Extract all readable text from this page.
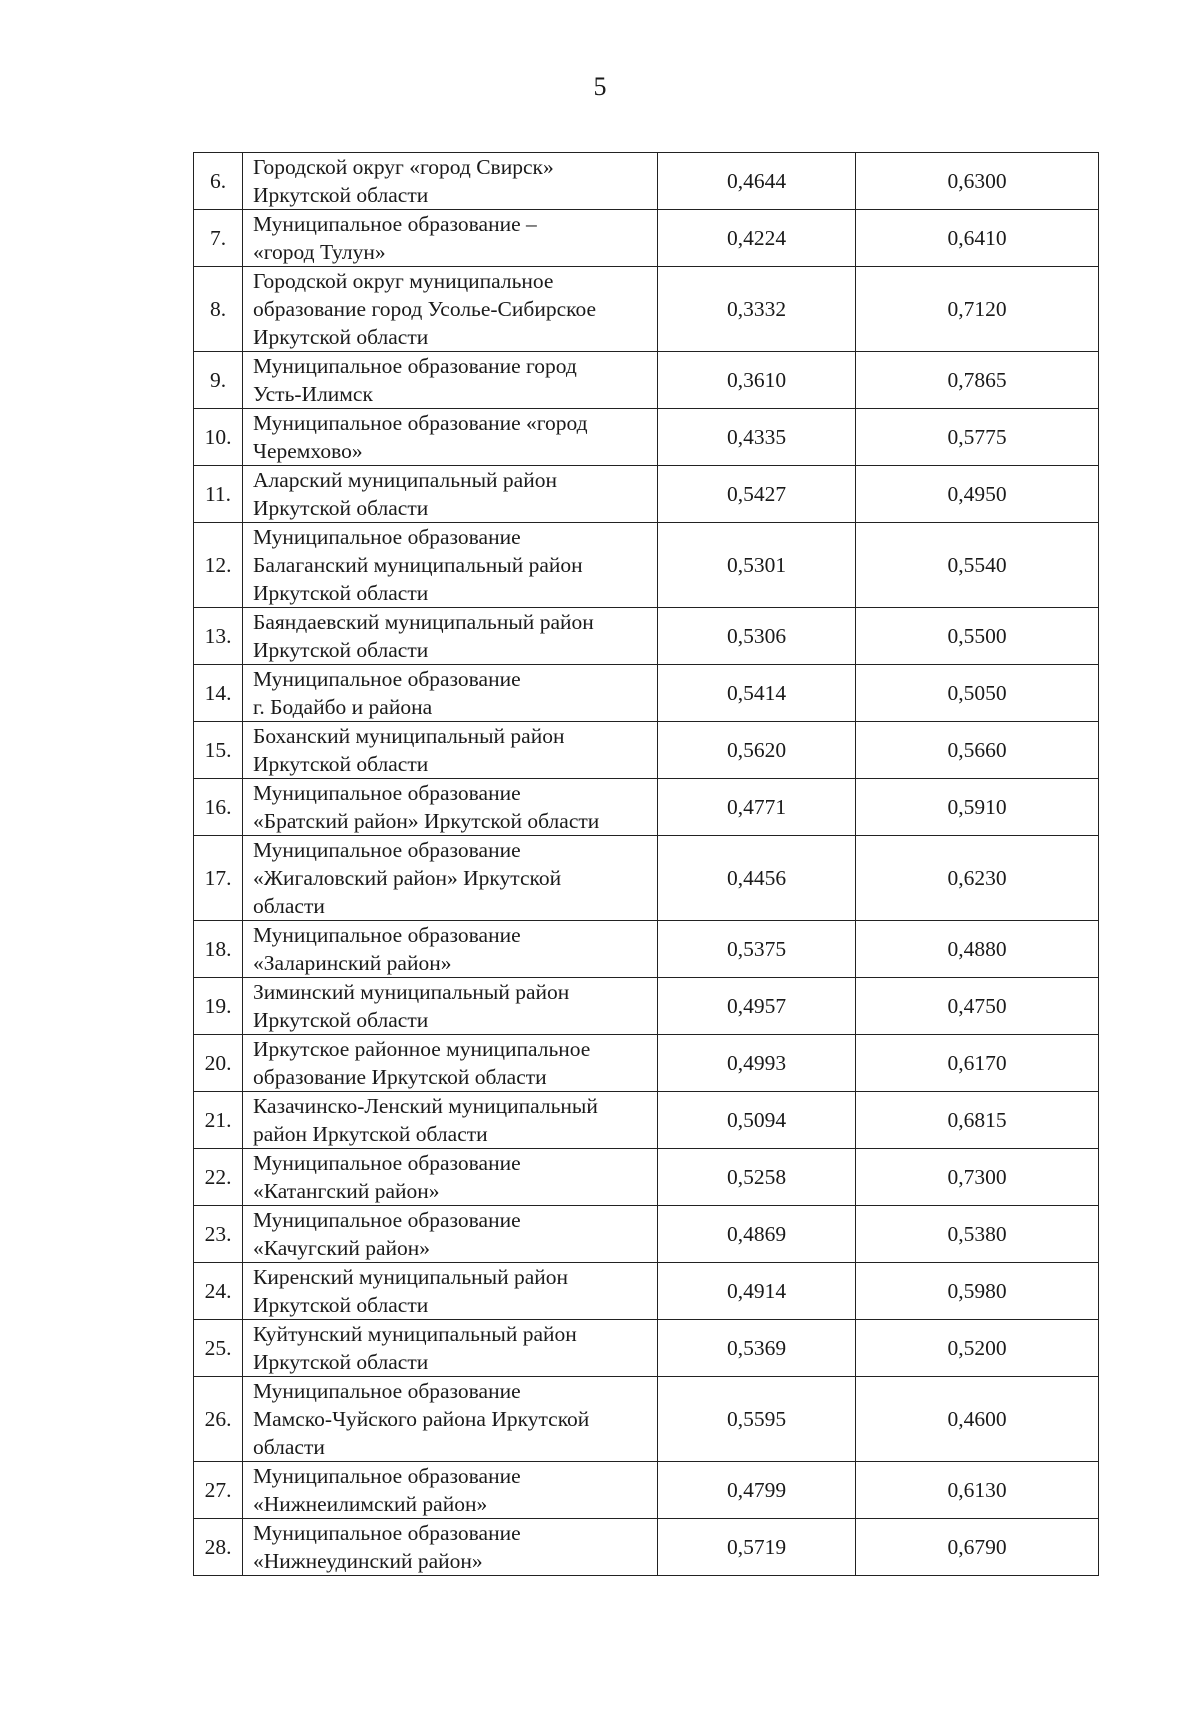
5
6.	Городской округ «город Свирск»
Иркутской области	0,4644	0,6300
7.	Муниципальное образование –
«город Тулун»	0,4224	0,6410
8.	Городской округ муниципальное
образование город Усолье-Сибирское
Иркутской области	0,3332	0,7120
9.	Муниципальное образование город
Усть-Илимск	0,3610	0,7865
10.	Муниципальное образование «город
Черемхово»	0,4335	0,5775
11.	Аларский муниципальный район
Иркутской области	0,5427	0,4950
12.	Муниципальное образование
Балаганский муниципальный район
Иркутской области	0,5301	0,5540
13.	Баяндаевский муниципальный район
Иркутской области	0,5306	0,5500
14.	Муниципальное образование
г. Бодайбо и района	0,5414	0,5050
15.	Боханский муниципальный район
Иркутской области	0,5620	0,5660
16.	Муниципальное образование
«Братский район» Иркутской области	0,4771	0,5910
17.	Муниципальное образование
«Жигаловский район» Иркутской
области	0,4456	0,6230
18.	Муниципальное образование
«Заларинский район»	0,5375	0,4880
19.	Зиминский муниципальный район
Иркутской области	0,4957	0,4750
20.	Иркутское районное муниципальное
образование Иркутской области	0,4993	0,6170
21.	Казачинско-Ленский муниципальный
район Иркутской области	0,5094	0,6815
22.	Муниципальное образование
«Катангский район»	0,5258	0,7300
23.	Муниципальное образование
«Качугский район»	0,4869	0,5380
24.	Киренский муниципальный район
Иркутской области	0,4914	0,5980
25.	Куйтунский муниципальный район
Иркутской области	0,5369	0,5200
26.	Муниципальное образование
Мамско-Чуйского района Иркутской
области	0,5595	0,4600
27.	Муниципальное образование
«Нижнеилимский район»	0,4799	0,6130
28.	Муниципальное образование
«Нижнеудинский район»	0,5719	0,6790
